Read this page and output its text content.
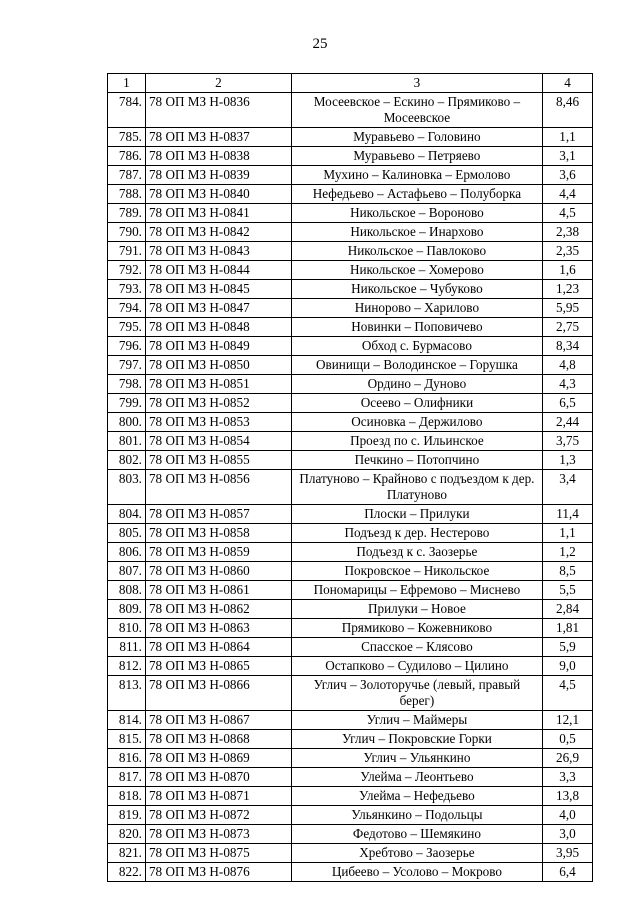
25
1	2	3	4
784.	78 ОП МЗ Н-0836	Мосеевское – Ескино – Прямиково – Мосеевское	8,46
785.	78 ОП МЗ Н-0837	Муравьево – Головино	1,1
786.	78 ОП МЗ Н-0838	Муравьево – Петряево	3,1
787.	78 ОП МЗ Н-0839	Мухино – Калиновка – Ермолово	3,6
788.	78 ОП МЗ Н-0840	Нефедьево – Астафьево – Полуборка	4,4
789.	78 ОП МЗ Н-0841	Никольское – Вороново	4,5
790.	78 ОП МЗ Н-0842	Никольское – Инархово	2,38
791.	78 ОП МЗ Н-0843	Никольское – Павлоково	2,35
792.	78 ОП МЗ Н-0844	Никольское – Хомерово	1,6
793.	78 ОП МЗ Н-0845	Никольское – Чубуково	1,23
794.	78 ОП МЗ Н-0847	Нинорово – Харилово	5,95
795.	78 ОП МЗ Н-0848	Новинки – Поповичево	2,75
796.	78 ОП МЗ Н-0849	Обход с. Бурмасово	8,34
797.	78 ОП МЗ Н-0850	Овинищи – Володинское – Горушка	4,8
798.	78 ОП МЗ Н-0851	Ордино – Дуново	4,3
799.	78 ОП МЗ Н-0852	Осеево – Олифники	6,5
800.	78 ОП МЗ Н-0853	Осиновка – Держилово	2,44
801.	78 ОП МЗ Н-0854	Проезд по с. Ильинское	3,75
802.	78 ОП МЗ Н-0855	Печкино – Потопчино	1,3
803.	78 ОП МЗ Н-0856	Платуново – Крайново с подъездом к дер. Платуново	3,4
804.	78 ОП МЗ Н-0857	Плоски – Прилуки	11,4
805.	78 ОП МЗ Н-0858	Подъезд к дер. Нестерово	1,1
806.	78 ОП МЗ Н-0859	Подъезд к с. Заозерье	1,2
807.	78 ОП МЗ Н-0860	Покровское – Никольское	8,5
808.	78 ОП МЗ Н-0861	Пономарицы – Ефремово – Миснево	5,5
809.	78 ОП МЗ Н-0862	Прилуки – Новое	2,84
810.	78 ОП МЗ Н-0863	Прямиково – Кожевниково	1,81
811.	78 ОП МЗ Н-0864	Спасское – Клясово	5,9
812.	78 ОП МЗ Н-0865	Остапково – Судилово – Цилино	9,0
813.	78 ОП МЗ Н-0866	Углич – Золоторучье (левый, правый берег)	4,5
814.	78 ОП МЗ Н-0867	Углич – Маймеры	12,1
815.	78 ОП МЗ Н-0868	Углич – Покровские Горки	0,5
816.	78 ОП МЗ Н-0869	Углич – Ульянкино	26,9
817.	78 ОП МЗ Н-0870	Улейма – Леонтьево	3,3
818.	78 ОП МЗ Н-0871	Улейма – Нефедьево	13,8
819.	78 ОП МЗ Н-0872	Ульянкино – Подольцы	4,0
820.	78 ОП МЗ Н-0873	Федотово – Шемякино	3,0
821.	78 ОП МЗ Н-0875	Хребтово – Заозерье	3,95
822.	78 ОП МЗ Н-0876	Цибеево – Усолово – Мокрово	6,4
